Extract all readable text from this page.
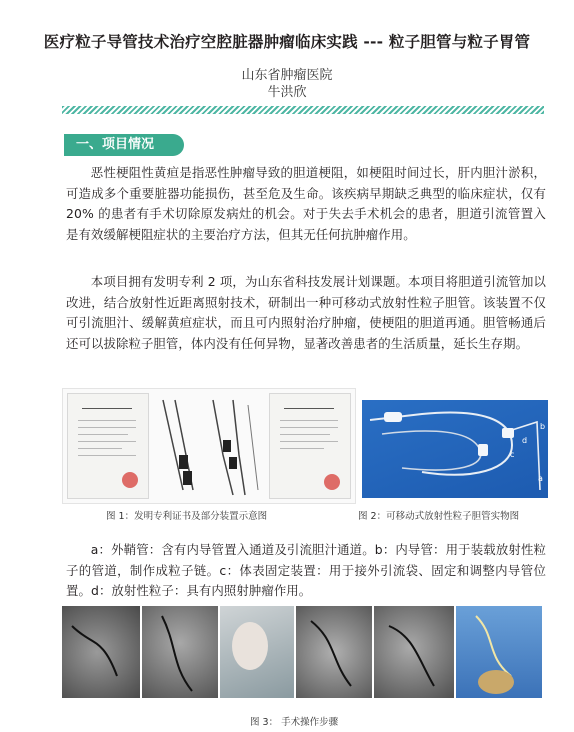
医疗粒子导管技术治疗空腔脏器肿瘤临床实践 --- 粒子胆管与粒子胃管
山东省肿瘤医院
牛洪欣
一、项目情况

恶性梗阻性黄疸是指恶性肿瘤导致的胆道梗阻，如梗阻时间过长，肝内胆汁淤积，可造成多个重要脏器功能损伤，甚至危及生命。该疾病早期缺乏典型的临床症状，仅有 20% 的患者有手术切除原发病灶的机会。对于失去手术机会的患者，胆道引流管置入是有效缓解梗阻症状的主要治疗方法，但其无任何抗肿瘤作用。

本项目拥有发明专利 2 项，为山东省科技发展计划课题。本项目将胆道引流管加以改进，结合放射性近距离照射技术，研制出一种可移动式放射性粒子胆管。该装置不仅可引流胆汁、缓解黄疸症状，而且可内照射治疗肿瘤，使梗阻的胆道再通。胆管畅通后还可以拔除粒子胆管，体内没有任何异物，显著改善患者的生活质量，延长生存期。

图 1：发明专利证书及部分装置示意图
a
b
c
d
图 2：可移动式放射性粒子胆管实物图

a：外鞘管：含有内导管置入通道及引流胆汁通道。b：内导管：用于装载放射性粒子的管道，制作成粒子链。c：体表固定装置：用于接外引流袋、固定和调整内导管位置。d：放射性粒子：具有内照射肿瘤作用。

图 3： 手术操作步骤
